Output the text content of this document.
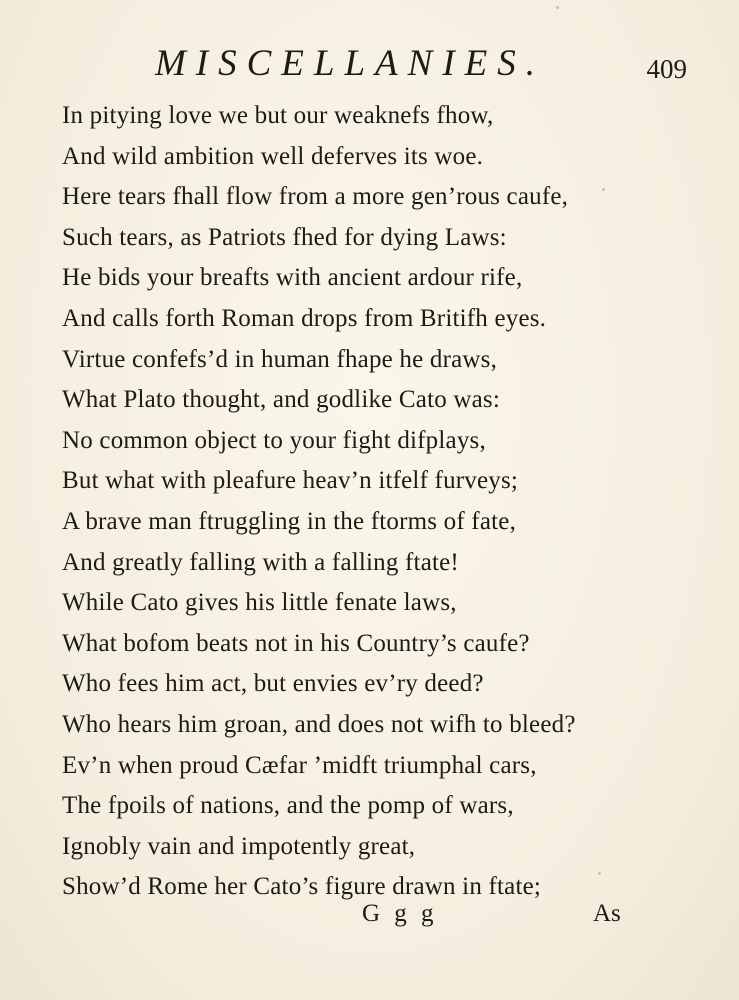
MISCELLANIES.	409
In pitying love we but our weaknefs fhow,
And wild ambition well deferves its woe.
Here tears fhall flow from a more gen’rous caufe,
Such tears, as Patriots fhed for dying Laws:
He bids your breafts with ancient ardour rife,
And calls forth Roman drops from Britifh eyes.
Virtue confefs’d in human fhape he draws,
What Plato thought, and godlike Cato was:
No common object to your fight difplays,
But what with pleafure heav’n itfelf furveys;
A brave man ftruggling in the ftorms of fate,
And greatly falling with a falling ftate!
While Cato gives his little fenate laws,
What bofom beats not in his Country’s caufe?
Who fees him act, but envies ev’ry deed?
Who hears him groan, and does not wifh to bleed?
Ev’n when proud Cæfar ’midft triumphal cars,
The fpoils of nations, and the pomp of wars,
Ignobly vain and impotently great,
Show’d Rome her Cato’s figure drawn in ftate;
G g g	As
